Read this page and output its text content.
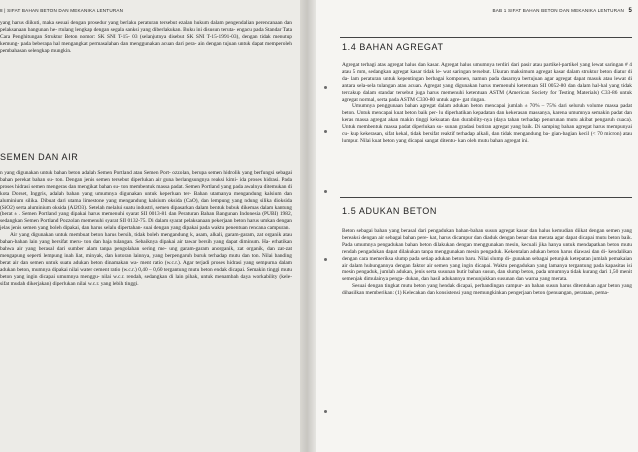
8 | SIFAT BAHAN BETON DAN MEKANIKA LENTURAN

yang harus diikuti, maka sesuai dengan prosedur yang berlaku peraturan tersebut ezalan hukum dalam pengendalian perencanaan dan pelaksanaan bangunan he- rtulang lengkap dengan segala sanksi yang diberlakukan. Buku ini disusun teruta- engacu pada Standar Tata Cara Penghitungan Struktur Beton nomor: SK SNI T-15- 03 (selanjutnya disebut SK SNI T-15-1991-03), dengan tidak menutup kemung- pada beberapa hal mengangkat permasalahan dan menggunakan acuan dari pera- ain dengan tujuan untuk dapat memperoleh pembahasan selengkap mungkin.

SEMEN DAN AIR

n yang digunakan untuk bahan beton adalah Semen Portland atau Semen Port- ozzolan, berupa semen hidrolik yang berfungsi sebagai bahan perekat bahan su- ton. Dengan jenis semen tersebut diperlukan air guna berlangsungnya reaksi kimi- ida proses hidrasi. Pada proses hidrasi semen mengeras dan mengikat bahan su- ton membentuk massa padat. Semen Portland yang pada awalnya ditemukan di kota Dorset, Inggris, adalah bahan yang umumnya digunakan untuk keperluan ter- Bahan utamanya mengandung kalsium dan aluminium silika. Dibuat dari utama limestone yang mengandung kalsium oksida (CaO), dan lempung yang ndung silika dioksida (SiO2) serta aluminium oksida (Al2O3). Setelah melalui suatu industri, semen dipasarkan dalam bentuk bubuk dikemas dalam kantung (berat ± . Semen Portland yang dipakai harus memenuhi syarat SII 0013-81 dan Peraturan Bahan Bangunan Indonesia (PUBI) 1982, sedangkan Semen Portland Pozzolan memenuhi syarat SII 0132-75. Di dalam syarat pelaksanaan pekerjaan beton harus umkan dengan jelas jenis semen yang boleh dipakai, dan harus selalu dipertahan- suai dengan yang dipakai pada waktu penentuan rencana campuran.

Air yang digunakan untuk membuat beton harus bersih, tidak boleh mengandung k, asam, alkali, garam-garam, zat organik atau bahan-bahan lain yang bersifat meru- ton dan baja tulangan. Sebaiknya dipakai air tawar bersih yang dapat diminum. Ha- erhatikan bahwa air yang berasal dari sumber alam tanpa pengolahan sering me- ung garam-garam anorganik, zat organik, dan zat-zat mengapung seperti lempung inah liat, minyak, dan kotoran lainnya, yang berpengaruh buruk terhadap mutu dan ton. Nilai banding berat air dan semen untuk suatu adukan beton dinamakan wa- ment ratio (w.c.r.). Agar terjadi proses hidrasi yang sempurna dalam adukan beton, mumnya dipakai nilai water cement ratio (w.c.r.) 0,40 – 0,60 tergantung mutu beton endak dicapai. Semakin tinggi mutu beton yang ingin dicapai umumnya menggu- nilai w.c.r. rendah, sedangkan di lain pihak, untuk menambah daya workability (kele- sifat mudah dikerjakan) diperlukan nilai w.c.r. yang lebih tinggi.

BAB 1 SIFAT BAHAN BETON DAN MEKANIKA LENTURAN 5
1.4 BAHAN AGREGAT

Agregat terbagi atas agregat halus dan kasar. Agregat halus umumnya terdiri dari pasir atau partikel-partikel yang lewat saringan # 4 atau 5 mm, sedangkan agregat kasar tidak le- wat saringan tersebut. Ukuran maksimum agregat kasar dalam struktur beton diatur di da- lam peraturan untuk kepentingan berbagai komponen, namun pada dasarnya bertujuan agar agregat dapat masuk atau lewat di antara sela-sela tulangan atau acuan. Agregat yang digunakan harus memenuhi ketentuan SII 0052-80 dan dalam hal-hal yang tidak tercakup dalam standar tersebut juga harus memenuhi ketentuan ASTM (American Society for Testing Materials) C33-86 untuk agregat normal, serta pada ASTM C330-80 untuk agre- gat ringan.

Umumnya penggunaan bahan agregat dalam adukan beton mencapai jumlah ± 70% – 75% dari seluruh volume massa padat beton. Untuk mencapai kuat beton baik per- lu diperhatikan kepadatan dan kekerasan massanya, karena umumnya semakin padat dan keras massa agregat akan makin tinggi kekuatan dan durability-nya (daya tahan terhadap penurunan mutu akibat pengaruh cuaca). Untuk membentuk massa padat diperlukan su- sunan gradasi butiran agregat yang baik. Di samping bahan agregat harus mempunyai cu- kup kekerasan, sifat kekal, tidak bersifat reaktif terhadap alkali, dan tidak mengandung ba- gian-bagian kecil (< 70 micron) atau lumpur. Nilai kuat beton yang dicapai sangat ditentu- kan oleh mutu bahan agregat ini.

1.5 ADUKAN BETON

Beton sebagai bahan yang berasal dari pengadukan bahan-bahan susun agregat kasar dan halus kemudian diikat dengan semen yang bereaksi dengan air sebagai bahan pere- kat, harus dicampur dan diaduk dengan benar dan merata agar dapat dicapai mutu beton baik. Pada umumnya pengadukan bahan beton dilakukan dengan menggunakan mesin, kecuali jika hanya untuk mendapatkan beton mutu rendah pengadukan dapat dilakukan tanpa menggunakan mesin pengaduk. Kekentalan adukan beton harus diawasi dan di- kendalikan dengan cara memeriksa slump pada setiap adukan beton baru. Nilai slump di- gunakan sebagai petunjuk ketepatan jumlah pemakaian air dalam hubungannya dengan faktor air semen yang ingin dicapai. Waktu pengadukan yang lamanya tergantung pada kapasitas isi mesin pengaduk, jumlah adukan, jenis serta susunan butir bahan susun, dan slump beton, pada umumnya tidak kurang dari 1,50 menit semenjak dimulainya penga- dukan, dan hasil adukannya menunjukkan susunan dan warna yang merata.

Sesuai dengan tingkat mutu beton yang hendak dicapai, perbandingan campur- an bahan susun harus ditentukan agar beton yang dihasilkan memberikan: (1) Kelecakan dan konsistensi yang memungkinkan pengerjaan beton (penuangan, perataan, pema-
